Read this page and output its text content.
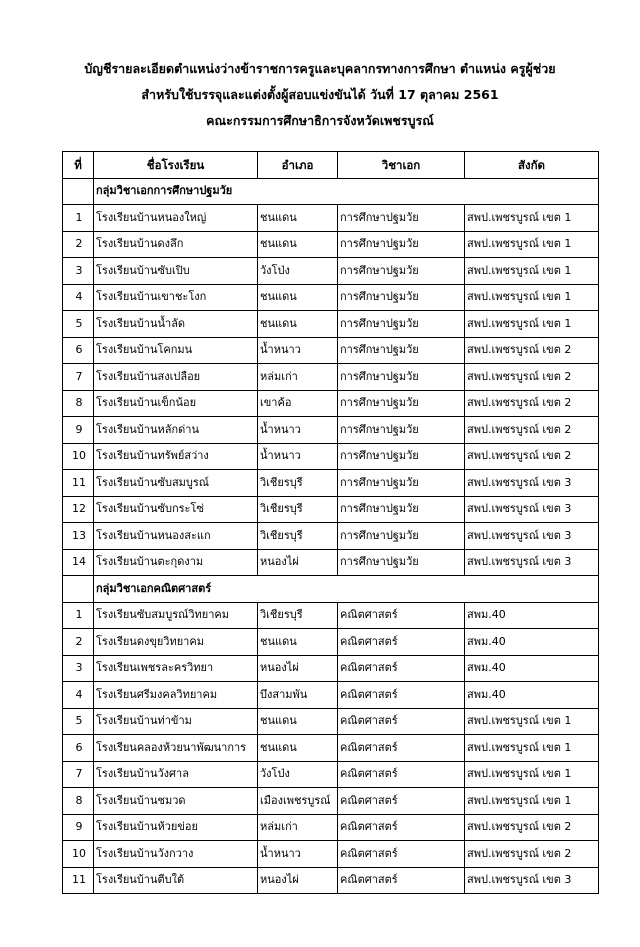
บัญชีรายละเอียดตำแหน่งว่างข้าราชการครูและบุคลากรทางการศึกษา ตำแหน่ง ครูผู้ช่วย
สำหรับใช้บรรจุและแต่งตั้งผู้สอบแข่งขันได้ วันที่ 17 ตุลาคม 2561
คณะกรรมการศึกษาธิการจังหวัดเพชรบูรณ์
ที่	ชื่อโรงเรียน	อำเภอ	วิชาเอก	สังกัด
	กลุ่มวิชาเอกการศึกษาปฐมวัย			
1	โรงเรียนบ้านหนองใหญ่	ชนแดน	การศึกษาปฐมวัย	สพป.เพชรบูรณ์ เขต 1
2	โรงเรียนบ้านดงลึก	ชนแดน	การศึกษาปฐมวัย	สพป.เพชรบูรณ์ เขต 1
3	โรงเรียนบ้านซับเปิบ	วังโป่ง	การศึกษาปฐมวัย	สพป.เพชรบูรณ์ เขต 1
4	โรงเรียนบ้านเขาชะโงก	ชนแดน	การศึกษาปฐมวัย	สพป.เพชรบูรณ์ เขต 1
5	โรงเรียนบ้านน้ำลัด	ชนแดน	การศึกษาปฐมวัย	สพป.เพชรบูรณ์ เขต 1
6	โรงเรียนบ้านโคกมน	น้ำหนาว	การศึกษาปฐมวัย	สพป.เพชรบูรณ์ เขต 2
7	โรงเรียนบ้านสงเปลือย	หล่มเก่า	การศึกษาปฐมวัย	สพป.เพชรบูรณ์ เขต 2
8	โรงเรียนบ้านเข็กน้อย	เขาค้อ	การศึกษาปฐมวัย	สพป.เพชรบูรณ์ เขต 2
9	โรงเรียนบ้านหลักด่าน	น้ำหนาว	การศึกษาปฐมวัย	สพป.เพชรบูรณ์ เขต 2
10	โรงเรียนบ้านทรัพย์สว่าง	น้ำหนาว	การศึกษาปฐมวัย	สพป.เพชรบูรณ์ เขต 2
11	โรงเรียนบ้านซับสมบูรณ์	วิเชียรบุรี	การศึกษาปฐมวัย	สพป.เพชรบูรณ์ เขต 3
12	โรงเรียนบ้านซับกระโซ่	วิเชียรบุรี	การศึกษาปฐมวัย	สพป.เพชรบูรณ์ เขต 3
13	โรงเรียนบ้านหนองสะแก	วิเชียรบุรี	การศึกษาปฐมวัย	สพป.เพชรบูรณ์ เขต 3
14	โรงเรียนบ้านตะกุดงาม	หนองไผ่	การศึกษาปฐมวัย	สพป.เพชรบูรณ์ เขต 3
	กลุ่มวิชาเอกคณิตศาสตร์			
1	โรงเรียนซับสมบูรณ์วิทยาคม	วิเชียรบุรี	คณิตศาสตร์	สพม.40
2	โรงเรียนดงขุยวิทยาคม	ชนแดน	คณิตศาสตร์	สพม.40
3	โรงเรียนเพชรละครวิทยา	หนองไผ่	คณิตศาสตร์	สพม.40
4	โรงเรียนศรีมงคลวิทยาคม	บึงสามพัน	คณิตศาสตร์	สพม.40
5	โรงเรียนบ้านท่าข้าม	ชนแดน	คณิตศาสตร์	สพป.เพชรบูรณ์ เขต 1
6	โรงเรียนคลองห้วยนาพัฒนาการ	ชนแดน	คณิตศาสตร์	สพป.เพชรบูรณ์ เขต 1
7	โรงเรียนบ้านวังศาล	วังโป่ง	คณิตศาสตร์	สพป.เพชรบูรณ์ เขต 1
8	โรงเรียนบ้านชมวด	เมืองเพชรบูรณ์	คณิตศาสตร์	สพป.เพชรบูรณ์ เขต 1
9	โรงเรียนบ้านห้วยข่อย	หล่มเก่า	คณิตศาสตร์	สพป.เพชรบูรณ์ เขต 2
10	โรงเรียนบ้านวังกวาง	น้ำหนาว	คณิตศาสตร์	สพป.เพชรบูรณ์ เขต 2
11	โรงเรียนบ้านตีบใต้	หนองไผ่	คณิตศาสตร์	สพป.เพชรบูรณ์ เขต 3
